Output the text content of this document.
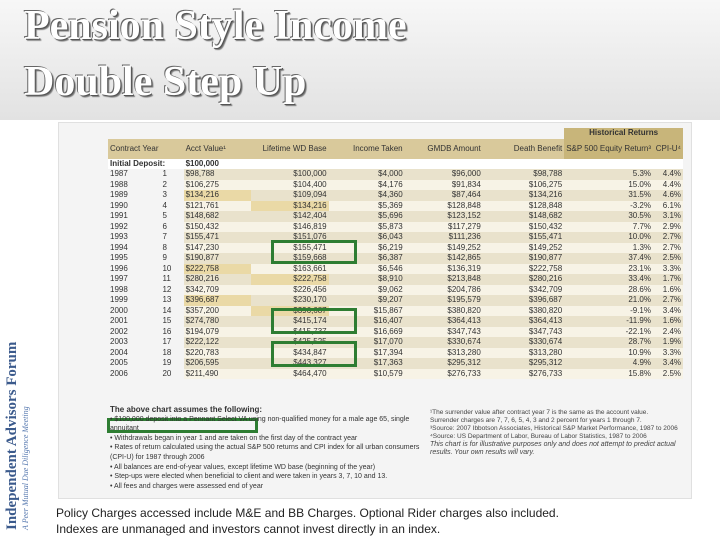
Pension Style Income
Double Step Up
Independent Advisors Forum A Peer Mutual Due Diligence Meeting
							Historical Returns	
Contract Year		Acct Value¹	Lifetime WD Base	Income Taken	GMDB Amount	Death Benefit	S&P 500 Equity Return³	CPI-U⁴
Initial Deposit:		$100,000						
1987	1	$98,788	$100,000	$4,000	$96,000	$98,788	5.3%	4.4%
1988	2	$106,275	$104,400	$4,176	$91,834	$106,275	15.0%	4.4%
1989	3	$134,216	$109,094	$4,360	$87,464	$134,216	31.5%	4.6%
1990	4	$121,761	$134,216	$5,369	$128,848	$128,848	-3.2%	6.1%
1991	5	$148,682	$142,404	$5,696	$123,152	$148,682	30.5%	3.1%
1992	6	$150,432	$146,819	$5,873	$117,279	$150,432	7.7%	2.9%
1993	7	$155,471	$151,076	$6,043	$111,236	$155,471	10.0%	2.7%
1994	8	$147,230	$155,471	$6,219	$149,252	$149,252	1.3%	2.7%
1995	9	$190,877	$159,668	$6,387	$142,865	$190,877	37.4%	2.5%
1996	10	$222,758	$163,661	$6,546	$136,319	$222,758	23.1%	3.3%
1997	11	$280,216	$222,758	$8,910	$213,848	$280,216	33.4%	1.7%
1998	12	$342,709	$226,456	$9,062	$204,786	$342,709	28.6%	1.6%
1999	13	$396,687	$230,170	$9,207	$195,579	$396,687	21.0%	2.7%
2000	14	$357,200	$396,687	$15,867	$380,820	$380,820	-9.1%	3.4%
2001	15	$274,780	$415,174	$16,407	$364,413	$364,413	-11.9%	1.6%
2002	16	$194,079	$415,737	$16,669	$347,743	$347,743	-22.1%	2.4%
2003	17	$222,122	$425,525	$17,070	$330,674	$330,674	28.7%	1.9%
2004	18	$220,783	$434,847	$17,394	$313,280	$313,280	10.9%	3.3%
2005	19	$206,595	$443,327	$17,363	$295,312	$295,312	4.9%	3.4%
2006	20	$211,490	$464,470	$10,579	$276,733	$276,733	15.8%	2.5%
The above chart assumes the following:
• $100,000 deposit into a Pennant Select VA using non-qualified money for a male age 65, single annuitant
• Withdrawals began in year 1 and are taken on the first day of the contract year
• Rates of return calculated using the actual S&P 500 returns and CPI index for all urban consumers (CPI-U) for 1987 through 2006
• All balances are end-of-year values, except lifetime WD base (beginning of the year)
• Step-ups were elected when beneficial to client and were taken in years 3, 7, 10 and 13.
• All fees and charges were assessed end of year
¹The surrender value after contract year 7 is the same as the account value.
Surrender charges are 7, 7, 6, 5, 4, 3 and 2 percent for years 1 through 7.
³Source: 2007 Ibbotson Associates, Historical S&P Market Performance, 1987 to 2006
⁴Source: US Department of Labor, Bureau of Labor Statistics, 1987 to 2006
This chart is for illustrative purposes only and does not attempt to predict actual results. Your own results will vary.
Policy Charges accessed include M&E and BB Charges. Optional Rider charges also included.
Indexes are unmanaged and investors cannot invest directly in an index.
